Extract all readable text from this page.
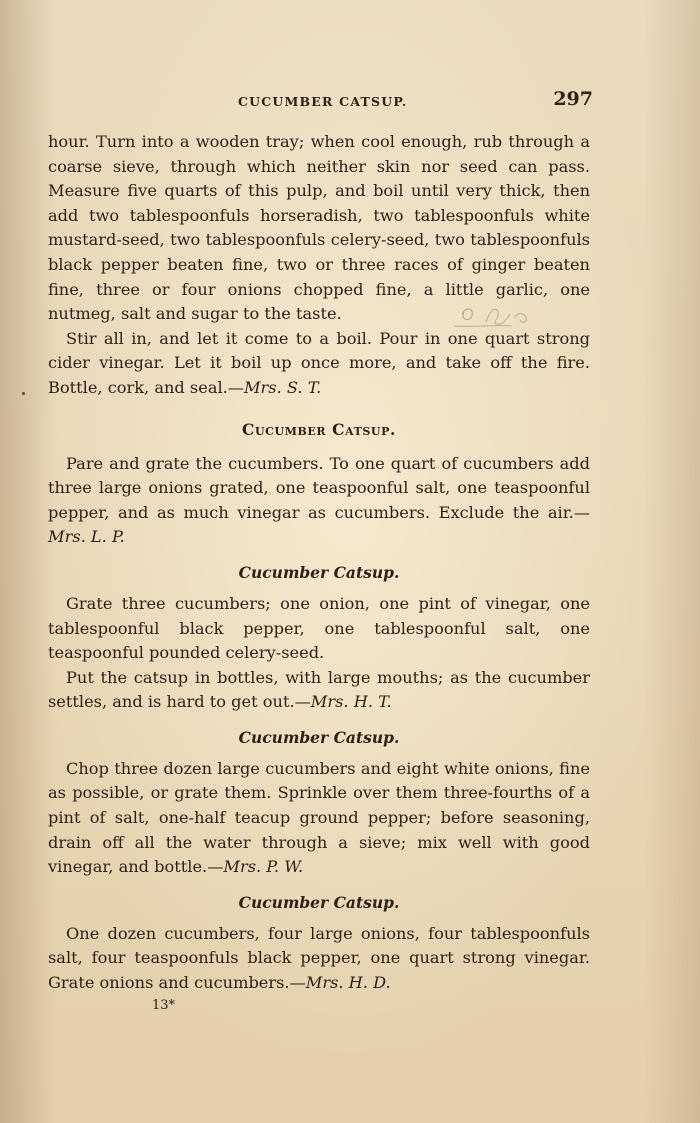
CUCUMBER CATSUP.	297

hour. Turn into a wooden tray; when cool enough, rub through a coarse sieve, through which neither skin nor seed can pass. Measure five quarts of this pulp, and boil until very thick, then add two tablespoonfuls horseradish, two tablespoonfuls white mustard-seed, two tablespoonfuls celery-seed, two tablespoonfuls black pepper beaten fine, two or three races of ginger beaten fine, three or four onions chopped fine, a little garlic, one nutmeg, salt and sugar to the taste.

Stir all in, and let it come to a boil. Pour in one quart strong cider vinegar. Let it boil up once more, and take off the fire. Bottle, cork, and seal.—Mrs. S. T.

Cucumber Catsup.

Pare and grate the cucumbers. To one quart of cucumbers add three large onions grated, one teaspoonful salt, one teaspoonful pepper, and as much vinegar as cucumbers. Exclude the air.—Mrs. L. P.

Cucumber Catsup.

Grate three cucumbers; one onion, one pint of vinegar, one tablespoonful black pepper, one tablespoonful salt, one teaspoonful pounded celery-seed.

Put the catsup in bottles, with large mouths; as the cucumber settles, and is hard to get out.—Mrs. H. T.

Cucumber Catsup.

Chop three dozen large cucumbers and eight white onions, fine as possible, or grate them. Sprinkle over them three-fourths of a pint of salt, one-half teacup ground pepper; before seasoning, drain off all the water through a sieve; mix well with good vinegar, and bottle.—Mrs. P. W.

Cucumber Catsup.

One dozen cucumbers, four large onions, four tablespoonfuls salt, four teaspoonfuls black pepper, one quart strong vinegar. Grate onions and cucumbers.—Mrs. H. D.

13*
